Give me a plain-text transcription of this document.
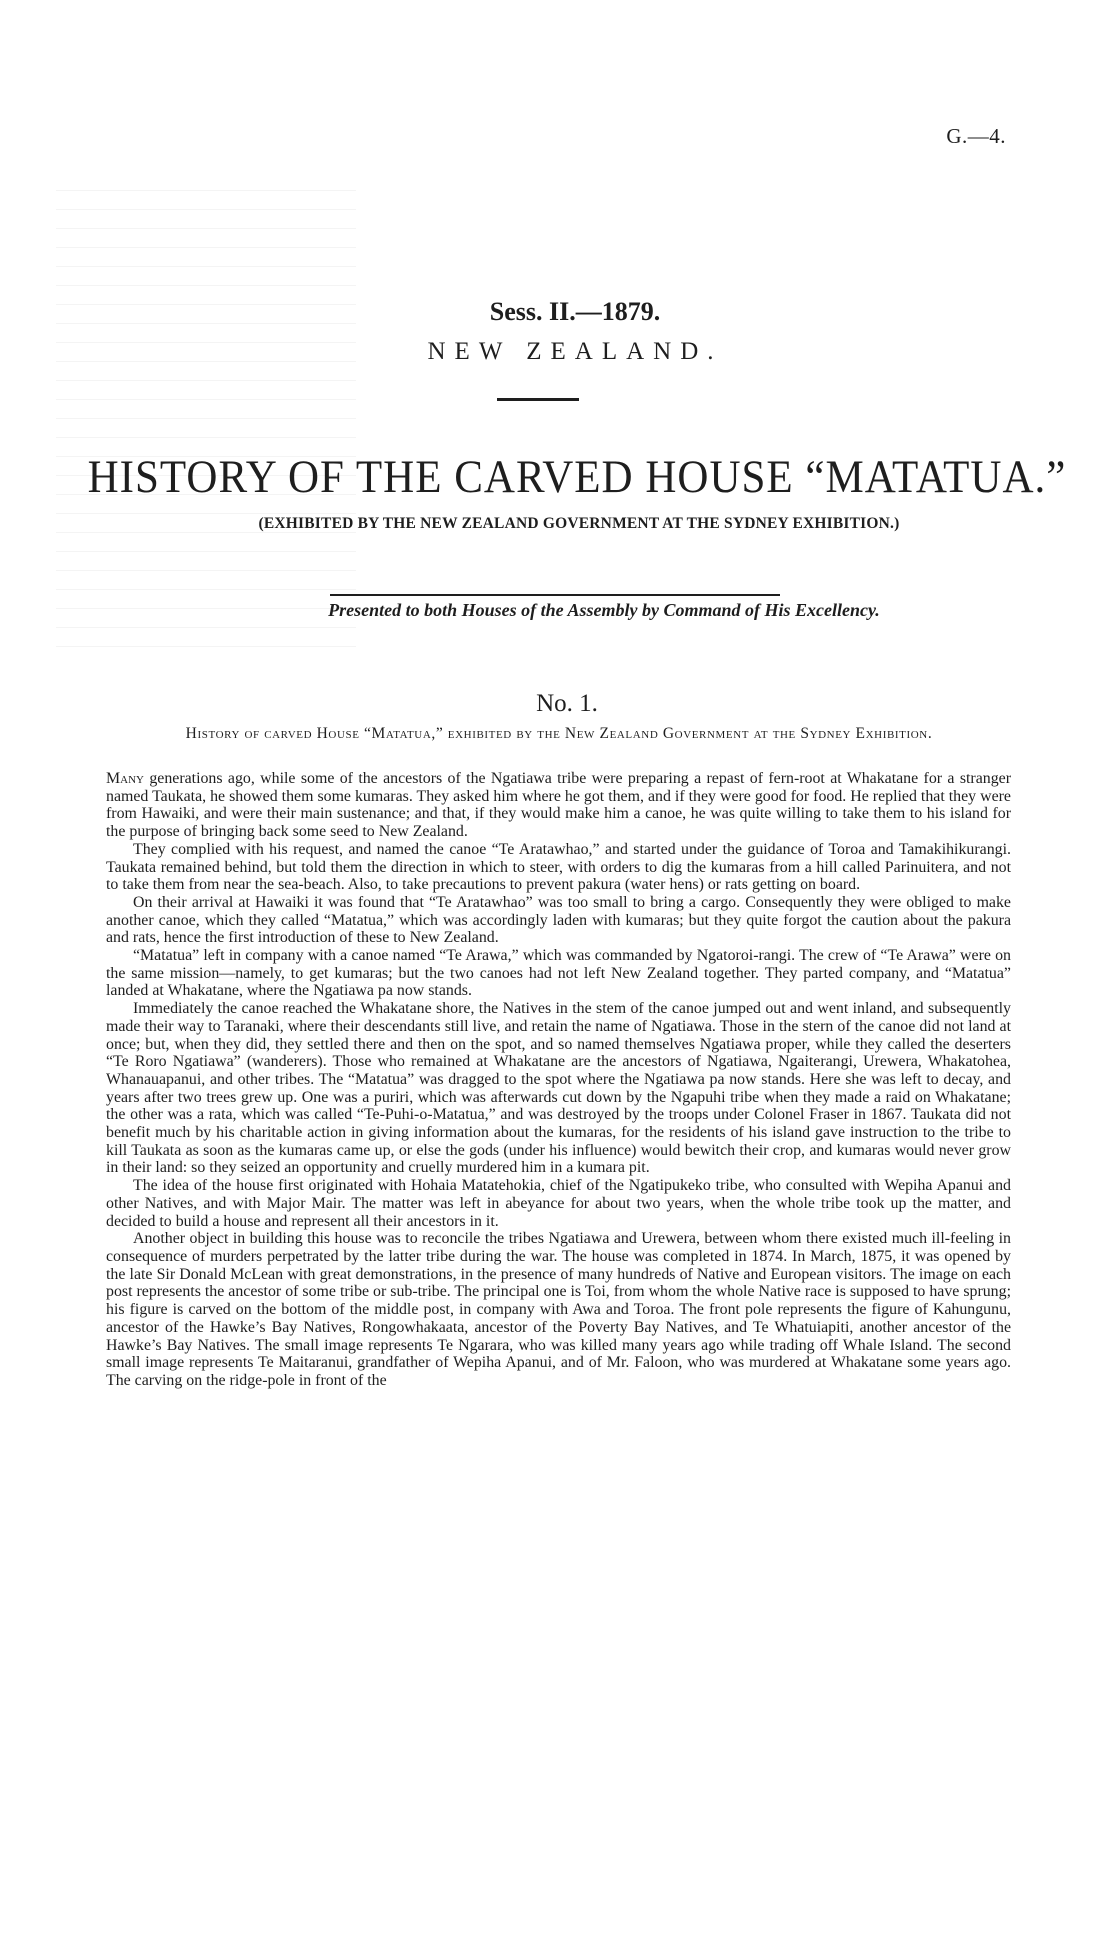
G.—4.
Sess. II.—1879.
NEW ZEALAND.
HISTORY OF THE CARVED HOUSE “MATATUA.”
(EXHIBITED BY THE NEW ZEALAND GOVERNMENT AT THE SYDNEY EXHIBITION.)
Presented to both Houses of the Assembly by Command of His Excellency.
No. 1.
History of carved House “Matatua,” exhibited by the New Zealand Government at the Sydney Exhibition.

Many generations ago, while some of the ancestors of the Ngatiawa tribe were preparing a repast of fern-root at Whakatane for a stranger named Taukata, he showed them some kumaras. They asked him where he got them, and if they were good for food. He replied that they were from Hawaiki, and were their main sustenance; and that, if they would make him a canoe, he was quite willing to take them to his island for the purpose of bringing back some seed to New Zealand.

They complied with his request, and named the canoe “Te Aratawhao,” and started under the guidance of Toroa and Tamakihikurangi. Taukata remained behind, but told them the direction in which to steer, with orders to dig the kumaras from a hill called Parinuitera, and not to take them from near the sea-beach. Also, to take precautions to prevent pakura (water hens) or rats getting on board.

On their arrival at Hawaiki it was found that “Te Aratawhao” was too small to bring a cargo. Consequently they were obliged to make another canoe, which they called “Matatua,” which was accordingly laden with kumaras; but they quite forgot the caution about the pakura and rats, hence the first introduction of these to New Zealand.

“Matatua” left in company with a canoe named “Te Arawa,” which was commanded by Ngatoroi-rangi. The crew of “Te Arawa” were on the same mission—namely, to get kumaras; but the two canoes had not left New Zealand together. They parted company, and “Matatua” landed at Whakatane, where the Ngatiawa pa now stands.

Immediately the canoe reached the Whakatane shore, the Natives in the stem of the canoe jumped out and went inland, and subsequently made their way to Taranaki, where their descendants still live, and retain the name of Ngatiawa. Those in the stern of the canoe did not land at once; but, when they did, they settled there and then on the spot, and so named themselves Ngatiawa proper, while they called the deserters “Te Roro Ngatiawa” (wanderers). Those who remained at Whakatane are the ancestors of Ngatiawa, Ngaiterangi, Urewera, Whakatohea, Whanauapanui, and other tribes. The “Matatua” was dragged to the spot where the Ngatiawa pa now stands. Here she was left to decay, and years after two trees grew up. One was a puriri, which was afterwards cut down by the Ngapuhi tribe when they made a raid on Whakatane; the other was a rata, which was called “Te-Puhi-o-Matatua,” and was destroyed by the troops under Colonel Fraser in 1867. Taukata did not benefit much by his charitable action in giving information about the kumaras, for the residents of his island gave instruction to the tribe to kill Taukata as soon as the kumaras came up, or else the gods (under his influence) would bewitch their crop, and kumaras would never grow in their land: so they seized an opportunity and cruelly murdered him in a kumara pit.

The idea of the house first originated with Hohaia Matatehokia, chief of the Ngatipukeko tribe, who consulted with Wepiha Apanui and other Natives, and with Major Mair. The matter was left in abeyance for about two years, when the whole tribe took up the matter, and decided to build a house and represent all their ancestors in it.

Another object in building this house was to reconcile the tribes Ngatiawa and Urewera, between whom there existed much ill-feeling in consequence of murders perpetrated by the latter tribe during the war. The house was completed in 1874. In March, 1875, it was opened by the late Sir Donald McLean with great demonstrations, in the presence of many hundreds of Native and European visitors. The image on each post represents the ancestor of some tribe or sub-tribe. The principal one is Toi, from whom the whole Native race is supposed to have sprung; his figure is carved on the bottom of the middle post, in company with Awa and Toroa. The front pole represents the figure of Kahungunu, ancestor of the Hawke’s Bay Natives, Rongowhakaata, ancestor of the Poverty Bay Natives, and Te Whatuiapiti, another ancestor of the Hawke’s Bay Natives. The small image represents Te Ngarara, who was killed many years ago while trading off Whale Island. The second small image represents Te Maitaranui, grandfather of Wepiha Apanui, and of Mr. Faloon, who was murdered at Whakatane some years ago. The carving on the ridge-pole in front of the
